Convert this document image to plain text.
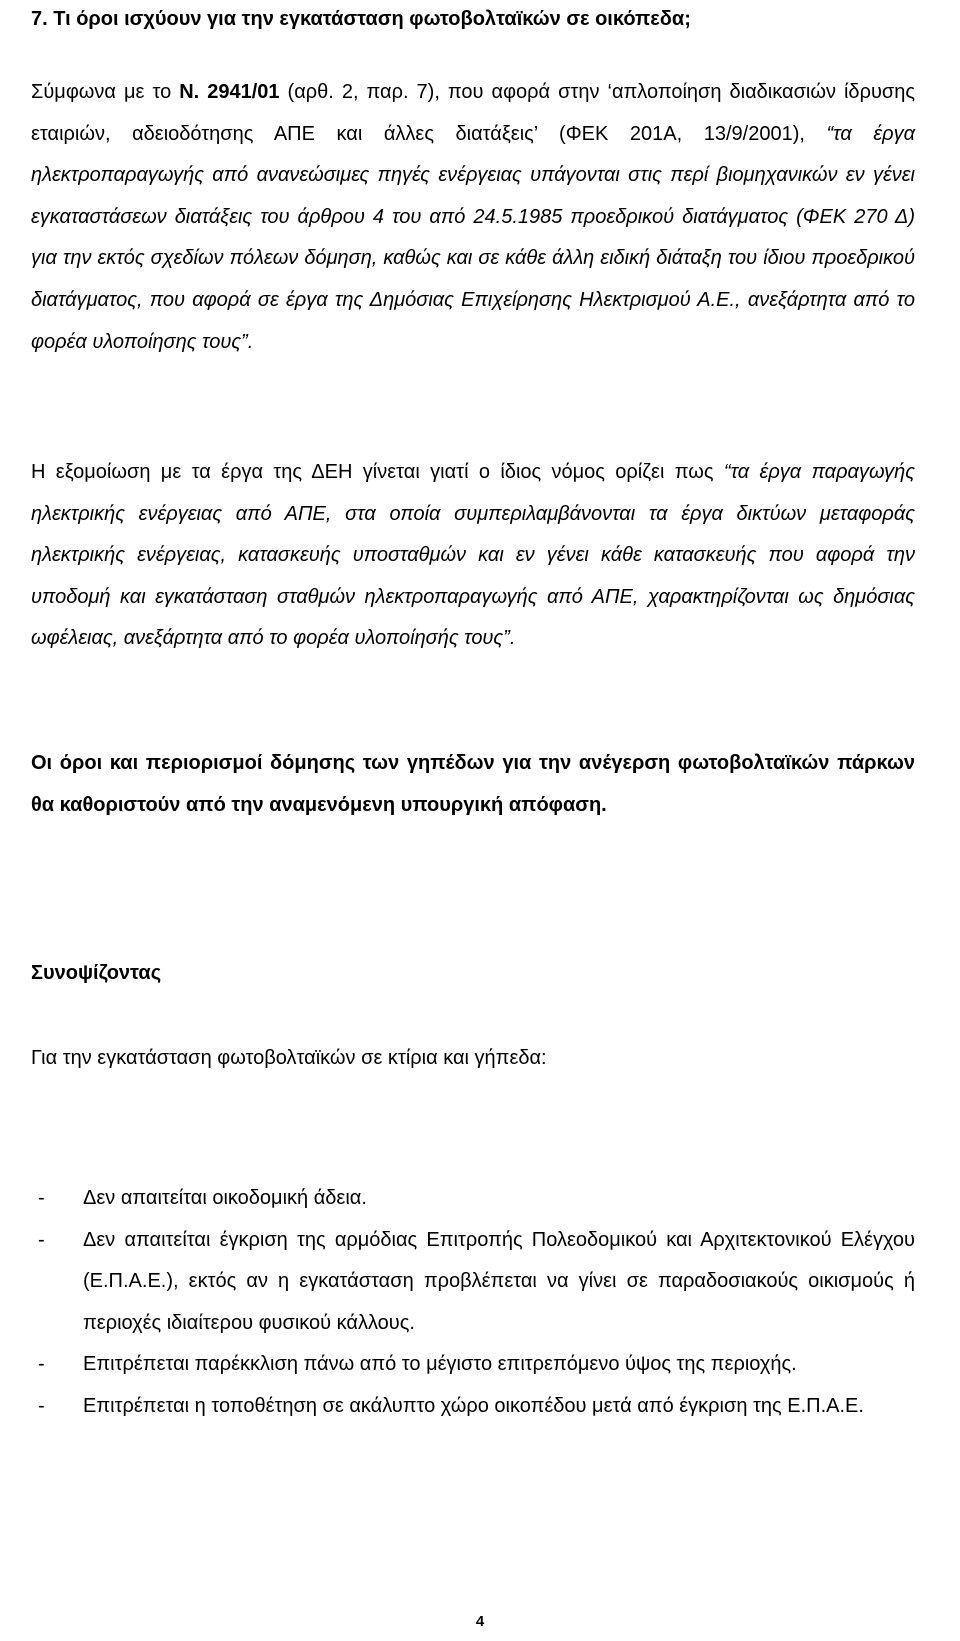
7. Τι όροι ισχύουν για την εγκατάσταση φωτοβολταϊκών σε οικόπεδα;

Σύμφωνα με το Ν. 2941/01 (αρθ. 2, παρ. 7), που αφορά στην ‘απλοποίηση διαδικασιών ίδρυσης εταιριών, αδειοδότησης ΑΠΕ και άλλες διατάξεις’ (ΦΕΚ 201Α, 13/9/2001), “τα έργα ηλεκτροπαραγωγής από ανανεώσιμες πηγές ενέργειας υπάγονται στις περί βιομηχανικών εν γένει εγκαταστάσεων διατάξεις του άρθρου 4 του από 24.5.1985 προεδρικού διατάγματος (ΦΕΚ 270 Δ) για την εκτός σχεδίων πόλεων δόμηση, καθώς και σε κάθε άλλη ειδική διάταξη του ίδιου προεδρικού διατάγματος, που αφορά σε έργα της Δημόσιας Επιχείρησης Ηλεκτρισμού Α.Ε., ανεξάρτητα από το φορέα υλοποίησης τους”.

Η εξομοίωση με τα έργα της ΔΕΗ γίνεται γιατί ο ίδιος νόμος ορίζει πως “τα έργα παραγωγής ηλεκτρικής ενέργειας από ΑΠΕ, στα οποία συμπεριλαμβάνονται τα έργα δικτύων μεταφοράς ηλεκτρικής ενέργειας, κατασκευής υποσταθμών και εν γένει κάθε κατασκευής που αφορά την υποδομή και εγκατάσταση σταθμών ηλεκτροπαραγωγής από ΑΠΕ, χαρακτηρίζονται ως δημόσιας ωφέλειας, ανεξάρτητα από το φορέα υλοποίησής τους”.

Οι όροι και περιορισμοί δόμησης των γηπέδων για την ανέγερση φωτοβολταϊκών πάρκων θα καθοριστούν από την αναμενόμενη υπουργική απόφαση.

Συνοψίζοντας

Για την εγκατάσταση φωτοβολταϊκών σε κτίρια και γήπεδα:

- Δεν απαιτείται οικοδομική άδεια.
- Δεν απαιτείται έγκριση της αρμόδιας Επιτροπής Πολεοδομικού και Αρχιτεκτονικού Ελέγχου (Ε.Π.Α.Ε.), εκτός αν η εγκατάσταση προβλέπεται να γίνει σε παραδοσιακούς οικισμούς ή περιοχές ιδιαίτερου φυσικού κάλλους.
- Επιτρέπεται παρέκκλιση πάνω από το μέγιστο επιτρεπόμενο ύψος της περιοχής.
- Επιτρέπεται η τοποθέτηση σε ακάλυπτο χώρο οικοπέδου μετά από έγκριση της Ε.Π.Α.Ε.
4
